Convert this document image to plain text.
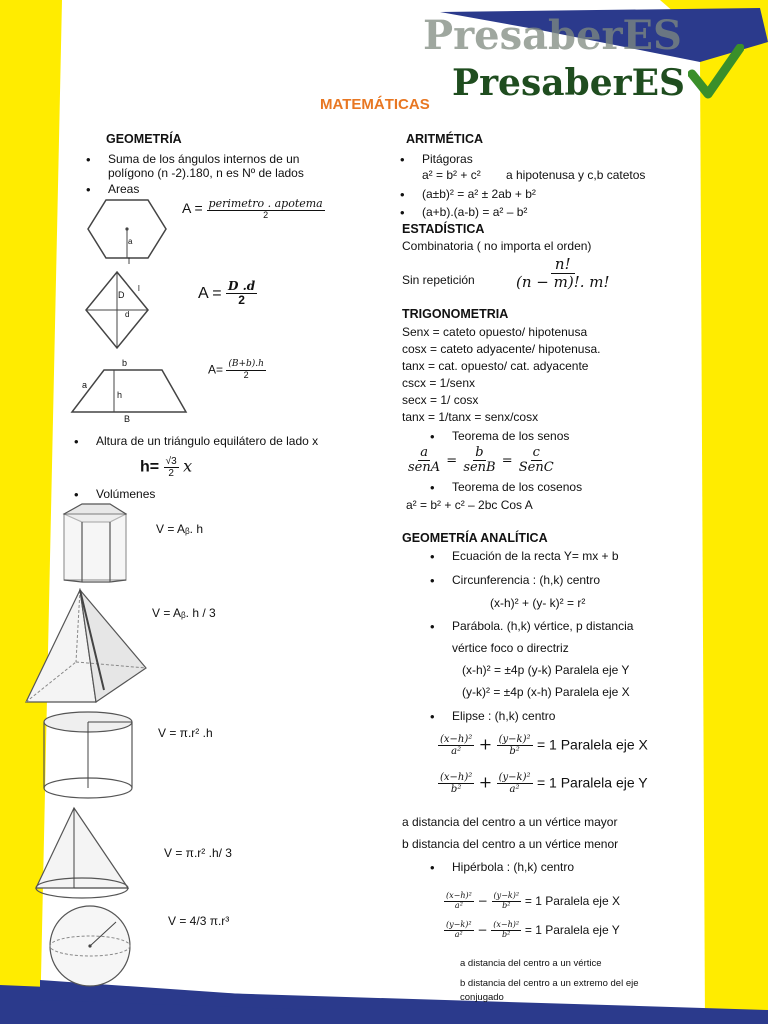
PresaberES
PresaberES
MATEMÁTICAS
GEOMETRÍA
• Suma de los ángulos internos de un
polígono (n -2).180, n es Nº de lados
• Areas
a
l
$A = \frac{\text{perimetro . apotema}}{2}$
D
d
l	$A = \frac{D .d}{2}$
b
a
h
B
$A= \frac{(B+b).h}{2}$
• Altura de un triángulo equilátero de lado x
$h= \frac{√3}{2}$ x
• Volúmenes
V = Aᵦ. h
V = Aᵦ. h / 3
V = π.r² .h
V = π.r² .h/ 3
V = 4/3 π.r³
ARITMÉTICA
• Pitágoras
a² = b² + c² a hipotenusa y c,b catetos
• (a±b)² = a² ± 2ab + b²
• (a+b).(a-b) = a² – b²
ESTADÍSTICA
Combinatoria ( no importa el orden)
Sin repetición	$\frac{n!}{(n - m)!. m!}$
TRIGONOMETRIA
Senx = cateto opuesto/ hipotenusa
cosx = cateto adyacente/ hipotenusa.
tanx = cat. opuesto/ cat. adyacente
cscx = 1/senx
secx = 1/ cosx
tanx = 1/tanx = senx/cosx
• Teorema de los senos
$\frac{a}{\text{senA}} = \frac{b}{\text{senB}} = \frac{c}{\text{SenC}}$
• Teorema de los cosenos
a² = b² + c² – 2bc Cos A
GEOMETRÍA ANALÍTICA
• Ecuación de la recta Y= mx + b
• Circunferencia : (h,k) centro
(x-h)² + (y- k)² = r²
• Parábola. (h,k) vértice, p distancia
vértice foco o directriz
(x-h)² = ±4p (y-k) Paralela eje Y
(y-k)² = ±4p (x-h) Paralela eje X
• Elipse : (h,k) centro
$\frac{\text{(x−h)²}}{\text{a²}} + \frac{\text{(y−k)²}}{\text{b²}} = 1$ Paralela eje X
$\frac{\text{(x−h)²}}{\text{b²}} + \frac{\text{(y−k)²}}{\text{a²}} = 1$ Paralela eje Y
a distancia del centro a un vértice mayor
b distancia del centro a un vértice menor
• Hipérbola : (h,k) centro
$\frac{\text{(x−h)²}}{\text{a²}} - \frac{\text{(y−k)²}}{\text{b²}} = 1$ Paralela eje X
$\frac{\text{(y−k)²}}{\text{a²}} - \frac{\text{(x−h)²}}{\text{b²}} = 1$ Paralela eje Y
a distancia del centro a un vértice
b distancia del centro a un extremo del eje
conjugado
